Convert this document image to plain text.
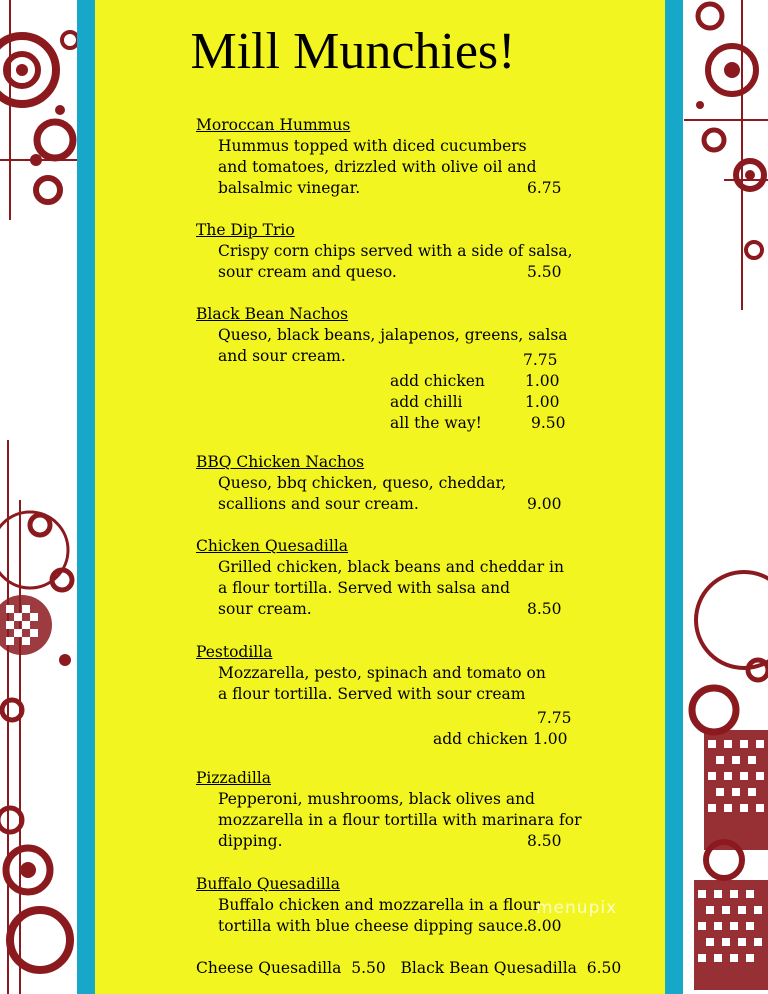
Mill Munchies!
Moroccan Hummus
Hummus topped with diced cucumbers
and tomatoes, drizzled with olive oil and
balsalmic vinegar.	6.75
The Dip Trio
Crispy corn chips served with a side of salsa,
sour cream and queso.	5.50
Black Bean Nachos
Queso, black beans, jalapenos, greens, salsa
and sour cream.	7.75
add chicken	1.00
add chilli	1.00
all the way!	9.50
BBQ Chicken Nachos
Queso, bbq chicken, queso, cheddar,
scallions and sour cream.	9.00
Chicken Quesadilla
Grilled chicken, black beans and cheddar in
a flour tortilla. Served with salsa and
sour cream.	8.50
Pestodilla
Mozzarella, pesto, spinach and tomato on
a flour tortilla. Served with sour cream
7.75
add chicken 1.00
Pizzadilla
Pepperoni, mushrooms, black olives and
mozzarella in a flour tortilla with marinara for
dipping.	8.50
Buffalo Quesadilla
Buffalo chicken and mozzarella in a flour
tortilla with blue cheese dipping sauce.
8.00
Cheese Quesadilla 5.50 Black Bean Quesadilla 6.50
menupix
